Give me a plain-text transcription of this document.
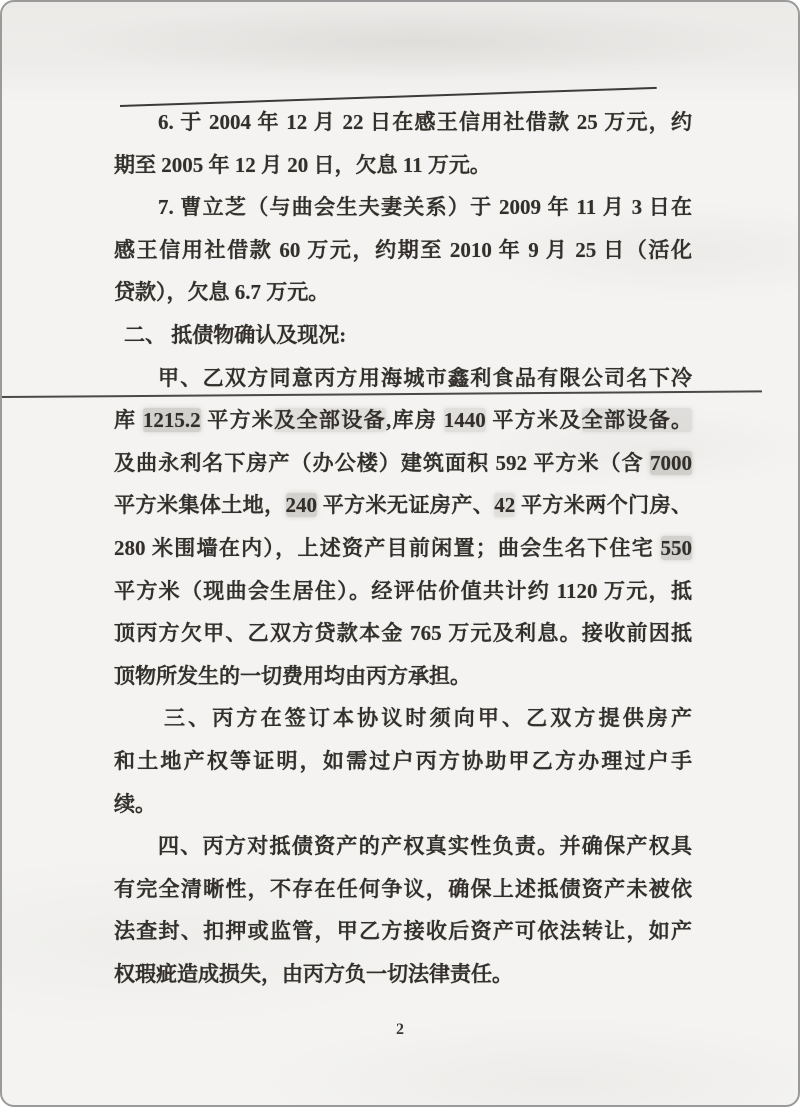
6. 于 2004 年 12 月 22 日在感王信用社借款 25 万元，约
期至 2005 年 12 月 20 日，欠息 11 万元。
7. 曹立芝（与曲会生夫妻关系）于 2009 年 11 月 3 日在
感王信用社借款 60 万元，约期至 2010 年 9 月 25 日（活化
贷款），欠息 6.7 万元。
二、 抵债物确认及现况:
甲、乙双方同意丙方用海城市鑫利食品有限公司名下冷
库 1215.2 平方米及全部设备,库房 1440 平方米及全部设备。
及曲永利名下房产（办公楼）建筑面积 592 平方米（含 7000
平方米集体土地，240 平方米无证房产、42 平方米两个门房、
280 米围墙在内），上述资产目前闲置；曲会生名下住宅 550
平方米（现曲会生居住）。经评估价值共计约 1120 万元，抵
顶丙方欠甲、乙双方贷款本金 765 万元及利息。接收前因抵
顶物所发生的一切费用均由丙方承担。
三、丙方在签订本协议时须向甲、乙双方提供房产
和土地产权等证明，如需过户丙方协助甲乙方办理过户手
续。
四、丙方对抵债资产的产权真实性负责。并确保产权具
有完全清晰性，不存在任何争议，确保上述抵债资产未被依
法查封、扣押或监管，甲乙方接收后资产可依法转让，如产
权瑕疵造成损失，由丙方负一切法律责任。
2
